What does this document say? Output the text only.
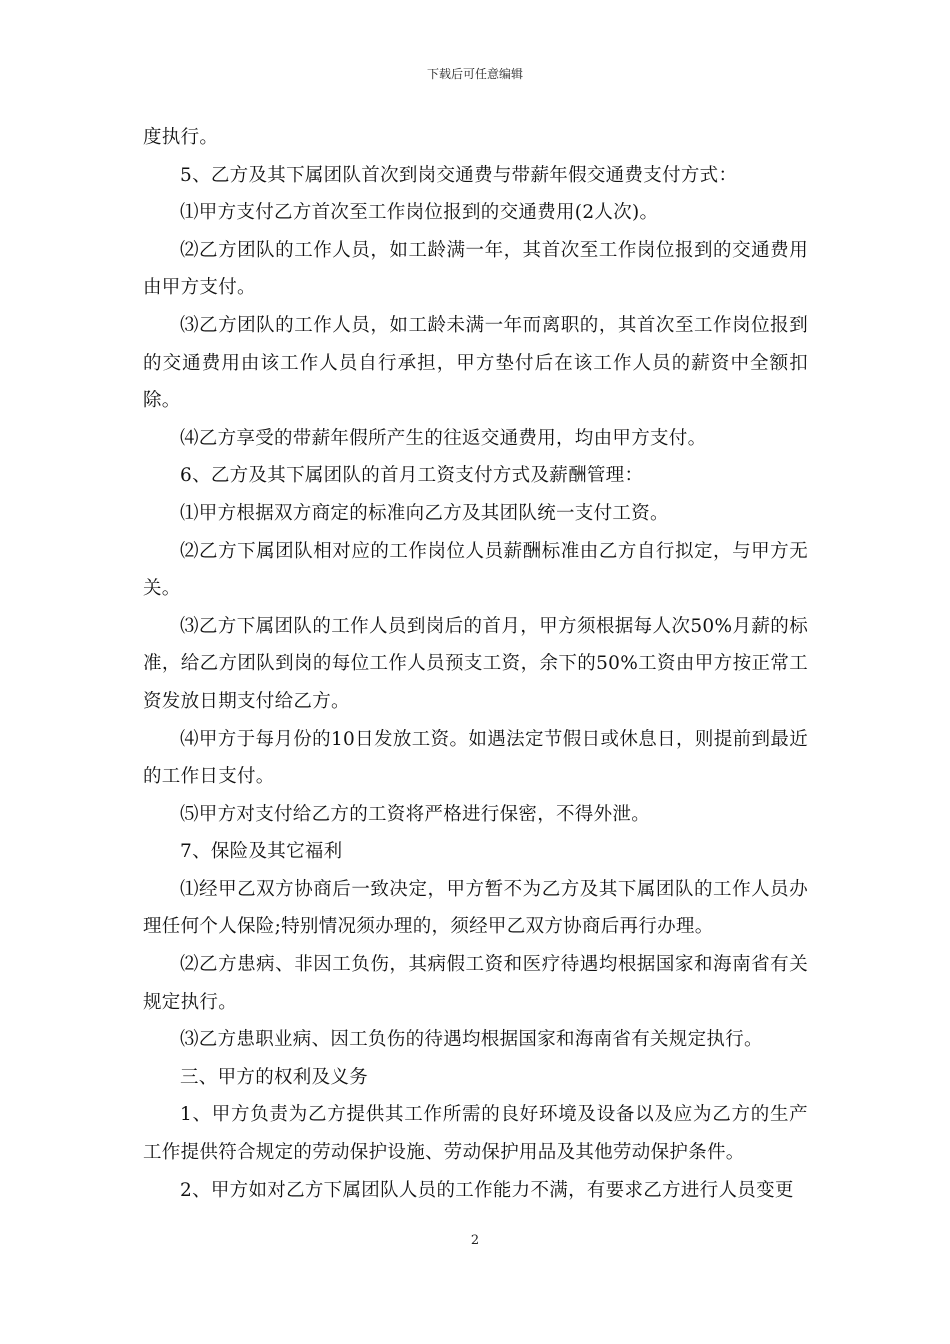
下载后可任意编辑

度执行。

5、乙方及其下属团队首次到岗交通费与带薪年假交通费支付方式：

⑴甲方支付乙方首次至工作岗位报到的交通费用(2人次)。

⑵乙方团队的工作人员，如工龄满一年，其首次至工作岗位报到的交通费用由甲方支付。

⑶乙方团队的工作人员，如工龄未满一年而离职的，其首次至工作岗位报到的交通费用由该工作人员自行承担，甲方垫付后在该工作人员的薪资中全额扣除。

⑷乙方享受的带薪年假所产生的往返交通费用，均由甲方支付。

6、乙方及其下属团队的首月工资支付方式及薪酬管理：

⑴甲方根据双方商定的标准向乙方及其团队统一支付工资。

⑵乙方下属团队相对应的工作岗位人员薪酬标准由乙方自行拟定，与甲方无关。

⑶乙方下属团队的工作人员到岗后的首月，甲方须根据每人次50%月薪的标准，给乙方团队到岗的每位工作人员预支工资，余下的50%工资由甲方按正常工资发放日期支付给乙方。

⑷甲方于每月份的10日发放工资。如遇法定节假日或休息日，则提前到最近的工作日支付。

⑸甲方对支付给乙方的工资将严格进行保密，不得外泄。

7、保险及其它福利

⑴经甲乙双方协商后一致决定，甲方暂不为乙方及其下属团队的工作人员办理任何个人保险;特别情况须办理的，须经甲乙双方协商后再行办理。

⑵乙方患病、非因工负伤，其病假工资和医疗待遇均根据国家和海南省有关规定执行。

⑶乙方患职业病、因工负伤的待遇均根据国家和海南省有关规定执行。

三、甲方的权利及义务

1、甲方负责为乙方提供其工作所需的良好环境及设备以及应为乙方的生产工作提供符合规定的劳动保护设施、劳动保护用品及其他劳动保护条件。

2、甲方如对乙方下属团队人员的工作能力不满，有要求乙方进行人员变更

2
